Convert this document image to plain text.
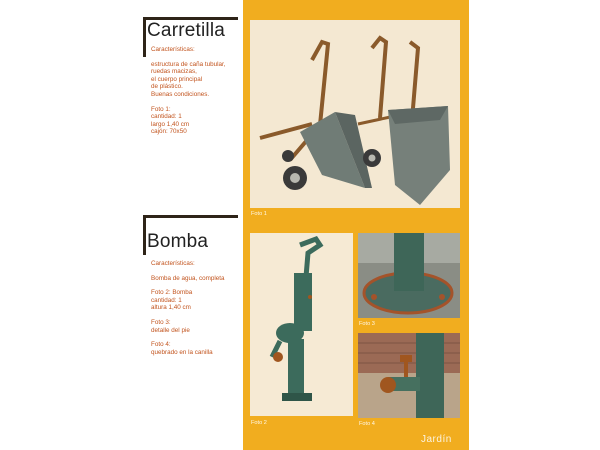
Carretilla

Características:

estructura de caña tubular,
ruedas macizas,
el cuerpo principal
de plástico.
Buenas condiciones.

Foto 1:
cantidad: 1
largo 1,40 cm
cajón: 70x50

Foto 1
Bomba

Características:

Bomba de agua, completa

Foto 2: Bomba
cantidad: 1
altura 1,40 cm

Foto 3:
detalle del pie

Foto 4:
quebrado en la canilla

Foto 2
Foto 3
Foto 4
Jardín
